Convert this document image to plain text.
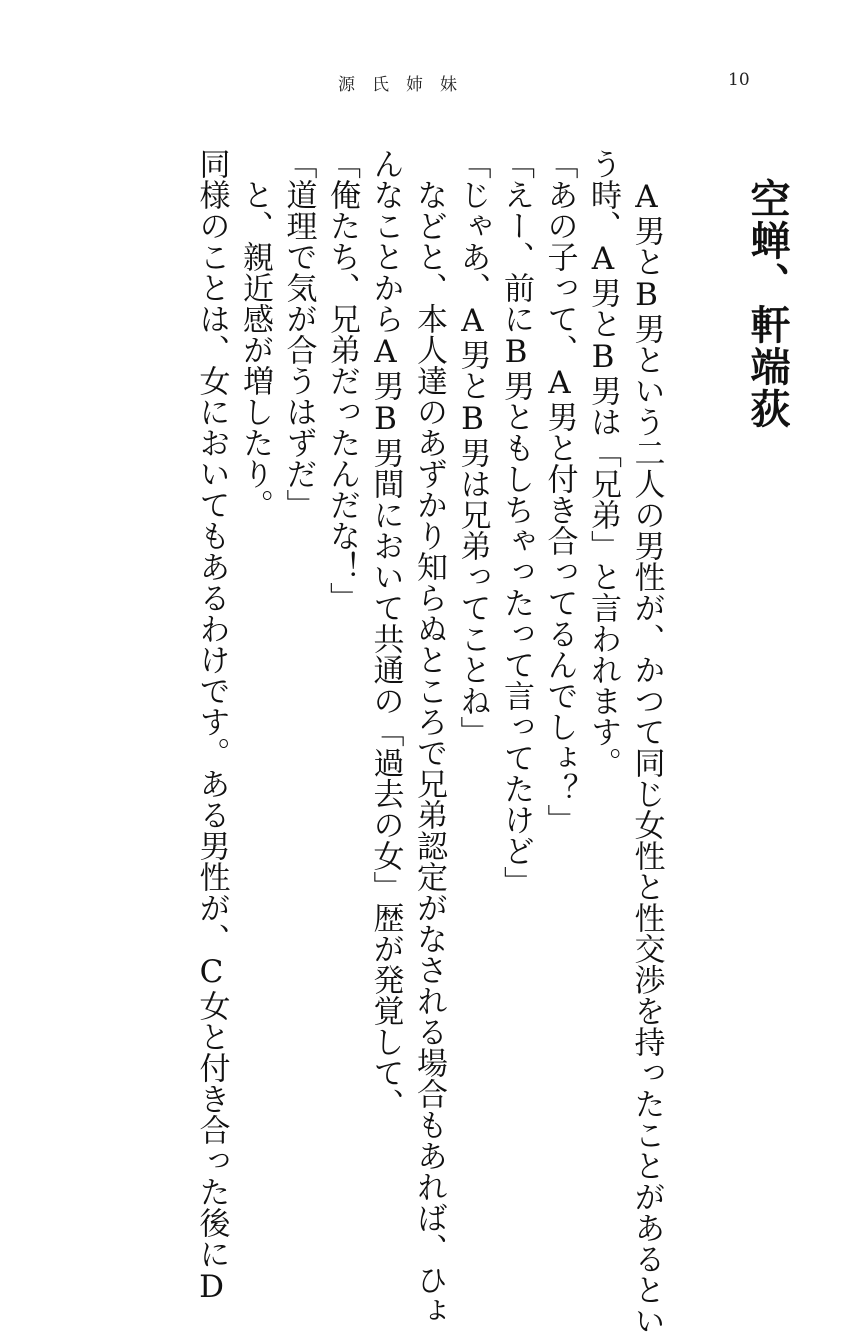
源氏姉妹	10
空蝉、軒端荻

A男とB男という二人の男性が、かつて同じ女性と性交渉を持ったことがあるとい

う時、A男とB男は「兄弟」と言われます。

「あの子って、A男と付き合ってるんでしょ？」

「えー、前にB男ともしちゃったって言ってたけど」

「じゃあ、A男とB男は兄弟ってことね」

などと、本人達のあずかり知らぬところで兄弟認定がなされる場合もあれば、ひょ

んなことからA男B男間において共通の「過去の女」歴が発覚して、

「俺たち、兄弟だったんだな！」

「道理で気が合うはずだ」

と、親近感が増したり。

同様のことは、女においてもあるわけです。ある男性が、C女と付き合った後にD
